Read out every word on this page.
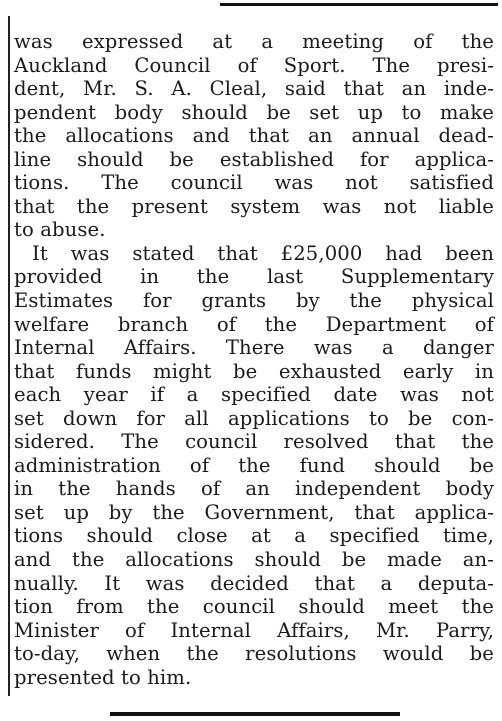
was expressed at a meeting of the
Auckland Council of Sport. The presi-
dent, Mr. S. A. Cleal, said that an inde-
pendent body should be set up to make
the allocations and that an annual dead-
line should be established for applica-
tions. The council was not satisfied
that the present system was not liable
to abuse.
It was stated that £25,000 had been
provided in the last Supplementary
Estimates for grants by the physical
welfare branch of the Department of
Internal Affairs. There was a danger
that funds might be exhausted early in
each year if a specified date was not
set down for all applications to be con-
sidered. The council resolved that the
administration of the fund should be
in the hands of an independent body
set up by the Government, that applica-
tions should close at a specified time,
and the allocations should be made an-
nually. It was decided that a deputa-
tion from the council should meet the
Minister of Internal Affairs, Mr. Parry,
to-day, when the resolutions would be
presented to him.
